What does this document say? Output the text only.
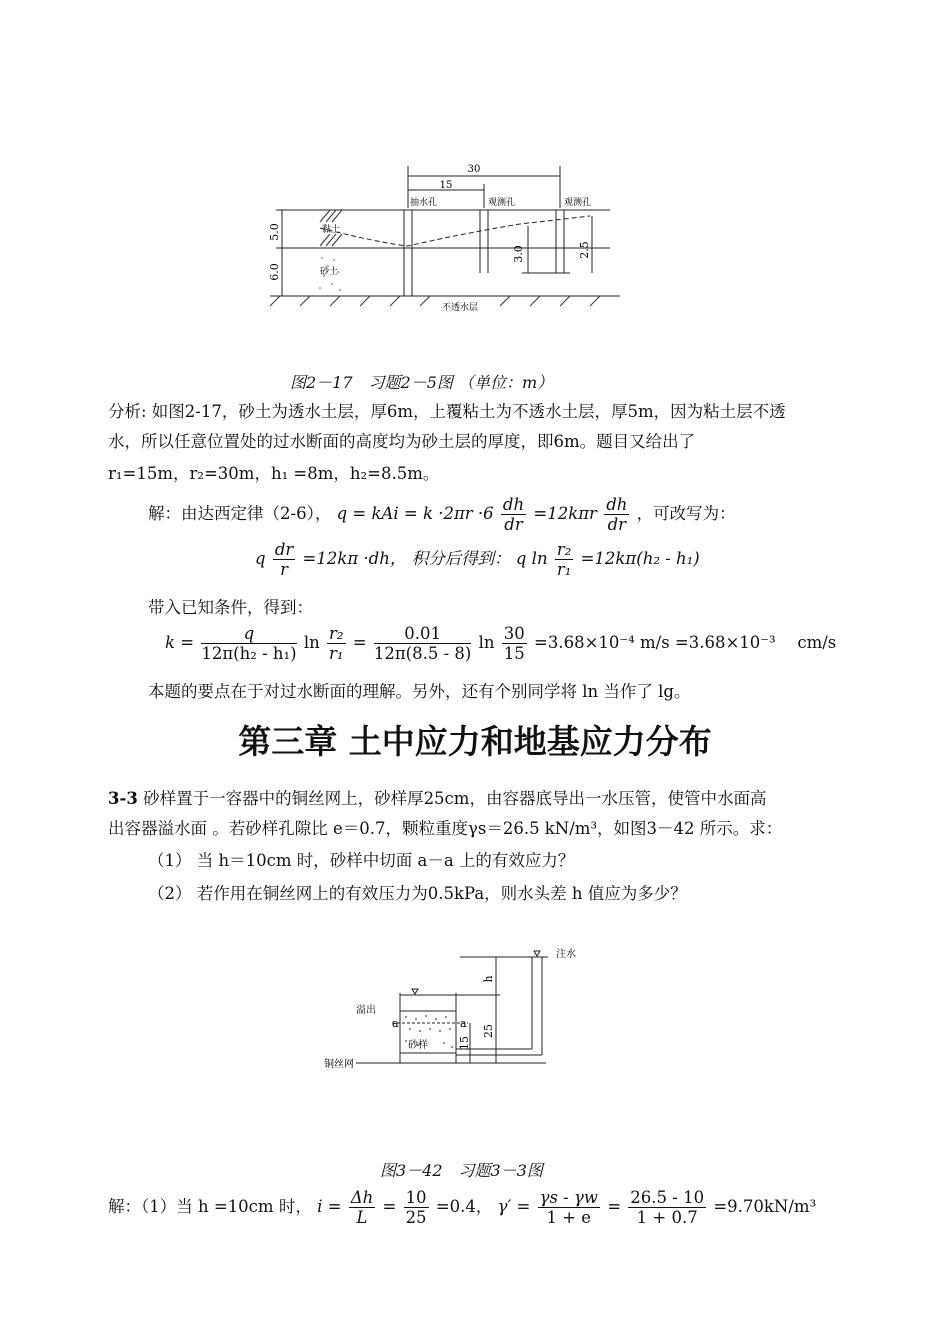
30
15
抽水孔	观测孔	观测孔
黏土
砂土
不透水层
5.0
6.0
3.0	2.5
图2－17　习题2－5图 （单位：m）
分析: 如图2-17，砂土为透水土层，厚6m，上覆粘土为不透水土层，厚5m，因为粘土层不透
水，所以任意位置处的过水断面的高度均为砂土层的厚度，即6m。题目又给出了
r₁=15m，r₂=30m，h₁ =8m，h₂=8.5m。
解：由达西定律（2-6）， q = kAi = $k \cdot 2\pi r \cdot 6 \frac{dh}{dr} =12k\pi r \frac{dh}{dr}$ ，可改写为：
q $\frac{dr}{r} =12k\pi \cdot dh$， 积分后得到： q $\ln \frac{\text{r₂}}{\text{r₁}} =12k\pi(h_2 - h_1)$
带入已知条件，得到：
$k = \frac{q}{\text{12π(h₂ - h₁)}}$ $\ln \frac{\text{r₂}}{\text{r₁}} = \frac{0.01}{12\pi(8.5 - 8)}$ $\ln \frac{30}{15} =3.68\times 10^{-4}$ m/s =3.68×10⁻³　 cm/s
本题的要点在于对过水断面的理解。另外，还有个别同学将 ln 当作了 lg。
第三章 土中应力和地基应力分布
3-3 砂样置于一容器中的铜丝网上，砂样厚25cm，由容器底导出一水压管，使管中水面高
出容器溢水面 。若砂样孔隙比 e＝0.7，颗粒重度γs＝26.5 kN/m³，如图3－42 所示。求：
（1） 当 h＝10cm 时，砂样中切面 a－a 上的有效应力？
（2） 若作用在铜丝网上的有效压力为0.5kPa，则水头差 h 值应为多少？
注水
溢出
a	a
h
25
15
砂样
铜丝网
图3－42　习题3－3图
解：（1）当 h =10cm 时， $i = \frac{\Delta h}{L} = \frac{10}{25} =0.4$， $\gamma' = \frac{\gamma s - \gamma w}{1 + e} = \frac{26.5 - 10}{1 + 0.7} =9.70kN/m^3$
